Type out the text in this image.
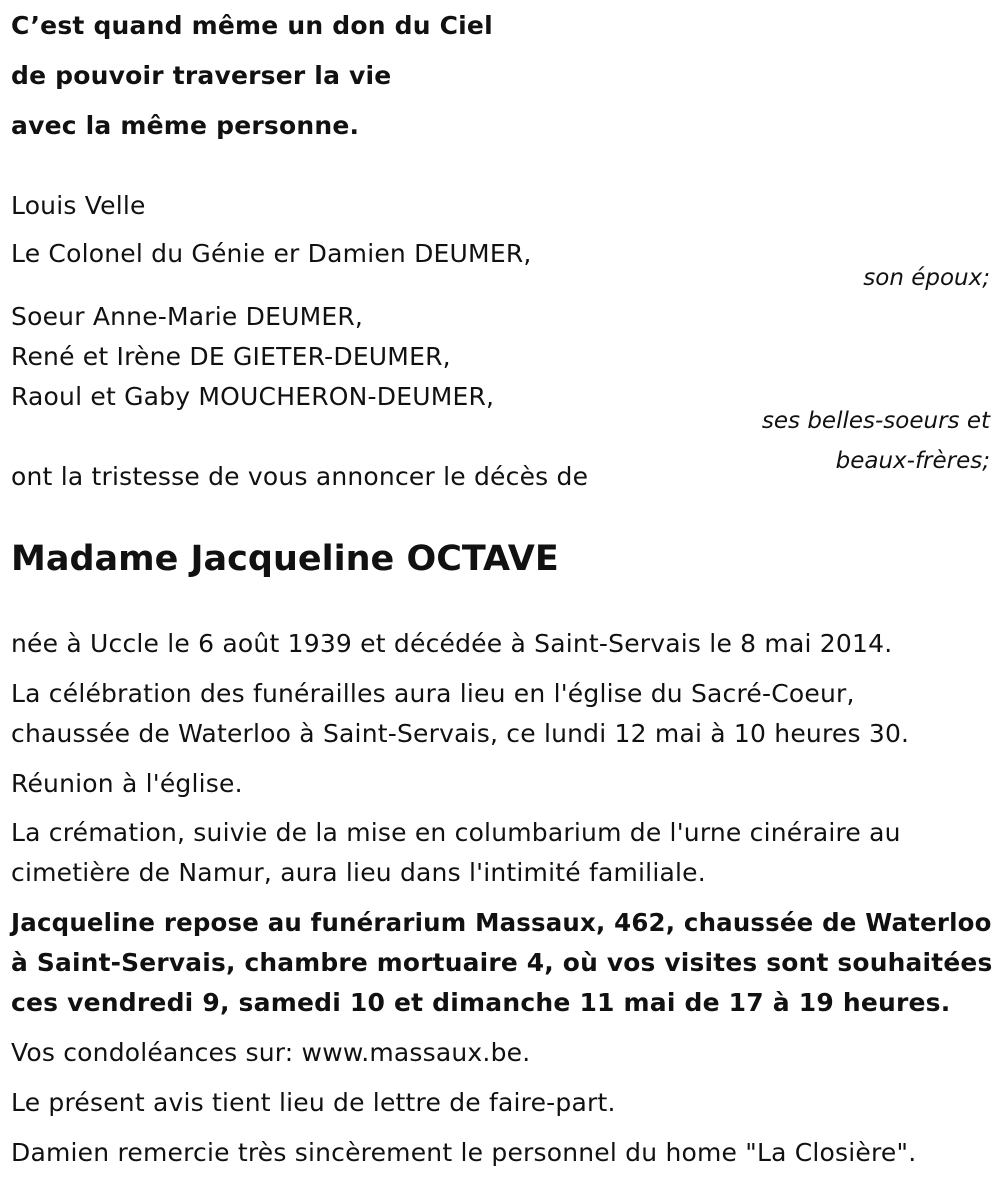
C’est quand même un don du Ciel
de pouvoir traverser la vie
avec la même personne.
Louis Velle
Le Colonel du Génie er Damien DEUMER,
son époux;
Soeur Anne-Marie DEUMER,
René et Irène DE GIETER-DEUMER,
Raoul et Gaby MOUCHERON-DEUMER,
ses belles-soeurs et
beaux-frères;
ont la tristesse de vous annoncer le décès de
Madame Jacqueline OCTAVE
née à Uccle le 6 août 1939 et décédée à Saint-Servais le 8 mai 2014.
La célébration des funérailles aura lieu en l'église du Sacré-Coeur,
chaussée de Waterloo à Saint-Servais, ce lundi 12 mai à 10 heures 30.
Réunion à l'église.
La crémation, suivie de la mise en columbarium de l'urne cinéraire au
cimetière de Namur, aura lieu dans l'intimité familiale.
Jacqueline repose au funérarium Massaux, 462, chaussée de Waterloo
à Saint-Servais, chambre mortuaire 4, où vos visites sont souhaitées
ces vendredi 9, samedi 10 et dimanche 11 mai de 17 à 19 heures.
Vos condoléances sur: www.massaux.be.
Le présent avis tient lieu de lettre de faire-part.
Damien remercie très sincèrement le personnel du home "La Closière".
